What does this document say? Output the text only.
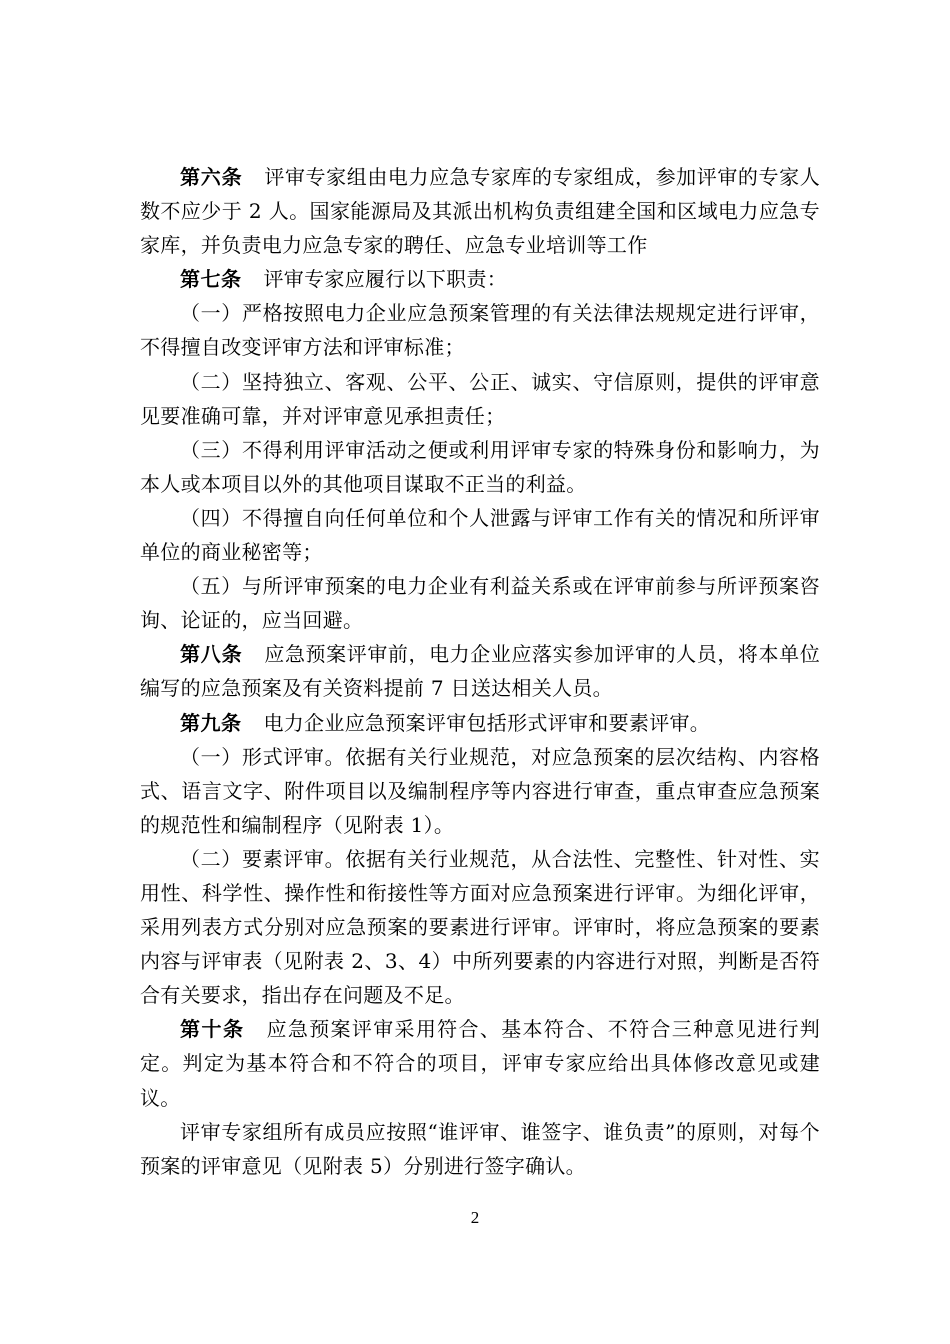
第六条 评审专家组由电力应急专家库的专家组成，参加评审的专家人数不应少于 2 人。国家能源局及其派出机构负责组建全国和区域电力应急专家库，并负责电力应急专家的聘任、应急专业培训等工作

第七条 评审专家应履行以下职责：

（一）严格按照电力企业应急预案管理的有关法律法规规定进行评审，不得擅自改变评审方法和评审标准；

（二）坚持独立、客观、公平、公正、诚实、守信原则，提供的评审意见要准确可靠，并对评审意见承担责任；

（三）不得利用评审活动之便或利用评审专家的特殊身份和影响力，为本人或本项目以外的其他项目谋取不正当的利益。

（四）不得擅自向任何单位和个人泄露与评审工作有关的情况和所评审单位的商业秘密等；

（五）与所评审预案的电力企业有利益关系或在评审前参与所评预案咨询、论证的，应当回避。

第八条 应急预案评审前，电力企业应落实参加评审的人员，将本单位编写的应急预案及有关资料提前 7 日送达相关人员。

第九条 电力企业应急预案评审包括形式评审和要素评审。

（一）形式评审。依据有关行业规范，对应急预案的层次结构、内容格式、语言文字、附件项目以及编制程序等内容进行审查，重点审查应急预案的规范性和编制程序（见附表 1）。

（二）要素评审。依据有关行业规范，从合法性、完整性、针对性、实用性、科学性、操作性和衔接性等方面对应急预案进行评审。为细化评审，采用列表方式分别对应急预案的要素进行评审。评审时，将应急预案的要素内容与评审表（见附表 2、3、4）中所列要素的内容进行对照，判断是否符合有关要求，指出存在问题及不足。

第十条 应急预案评审采用符合、基本符合、不符合三种意见进行判定。判定为基本符合和不符合的项目，评审专家应给出具体修改意见或建议。

评审专家组所有成员应按照“谁评审、谁签字、谁负责”的原则，对每个预案的评审意见（见附表 5）分别进行签字确认。

2
